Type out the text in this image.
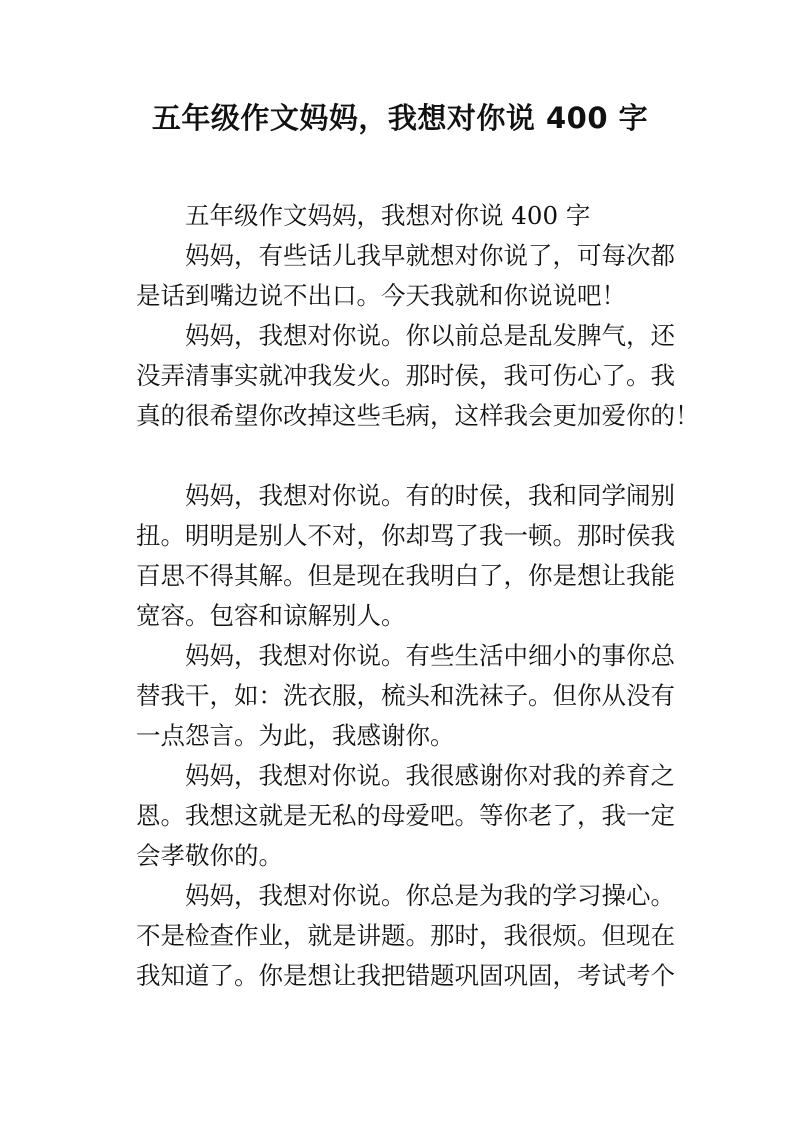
五年级作文妈妈，我想对你说 400 字
五年级作文妈妈，我想对你说 400 字
妈妈，有些话儿我早就想对你说了，可每次都
是话到嘴边说不出口。今天我就和你说说吧！
妈妈，我想对你说。你以前总是乱发脾气，还
没弄清事实就冲我发火。那时侯，我可伤心了。我
真的很希望你改掉这些毛病，这样我会更加爱你的！
妈妈，我想对你说。有的时侯，我和同学闹别
扭。明明是别人不对，你却骂了我一顿。那时侯我
百思不得其解。但是现在我明白了，你是想让我能
宽容。包容和谅解别人。
妈妈，我想对你说。有些生活中细小的事你总
替我干，如：洗衣服，梳头和洗袜子。但你从没有
一点怨言。为此，我感谢你。
妈妈，我想对你说。我很感谢你对我的养育之
恩。我想这就是无私的母爱吧。等你老了，我一定
会孝敬你的。
妈妈，我想对你说。你总是为我的学习操心。
不是检查作业，就是讲题。那时，我很烦。但现在
我知道了。你是想让我把错题巩固巩固，考试考个
